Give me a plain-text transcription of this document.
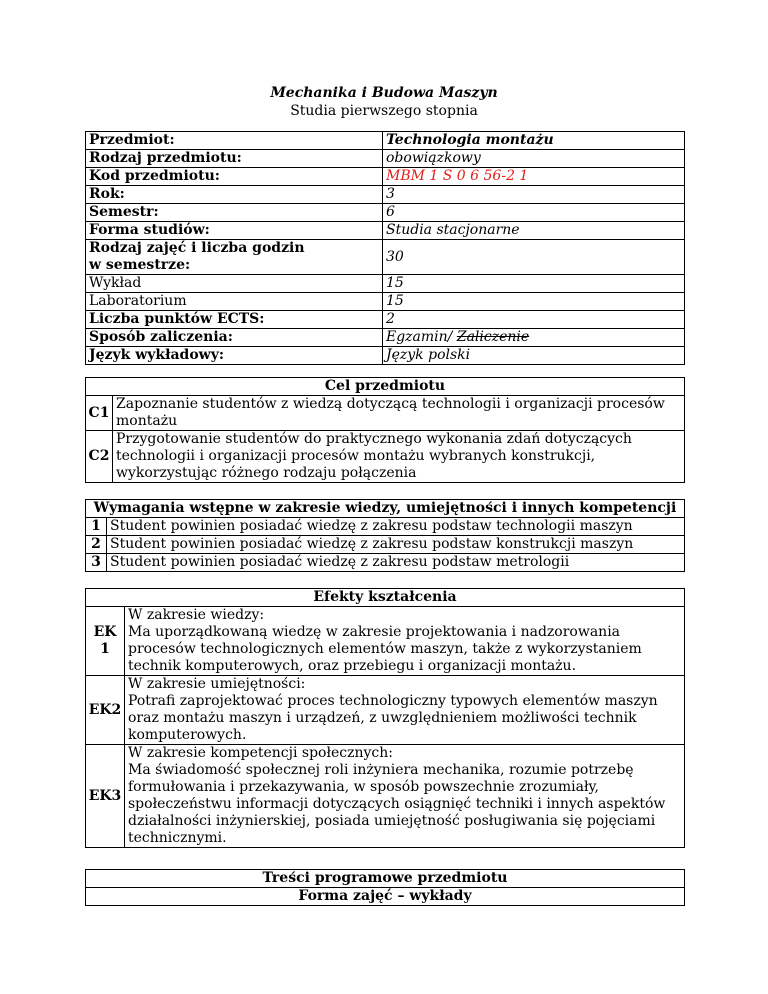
Mechanika i Budowa Maszyn
Studia pierwszego stopnia
Przedmiot:	Technologia montażu
Rodzaj przedmiotu:	obowiązkowy
Kod przedmiotu:	MBM 1 S 0 6 56-2 1
Rok:	3
Semestr:	6
Forma studiów:	Studia stacjonarne

Rodzaj zajęć i liczba godzin
w semestrze:	30
Wykład	15
Laboratorium	15
Liczba punktów ECTS:	2
Sposób zaliczenia:	Egzamin/ Zaliczenie
Język wykładowy:	Język polski
Cel przedmiotu	
C1	Zapoznanie studentów z wiedzą dotyczącą technologii i organizacji procesów montażu
C2	Przygotowanie studentów do praktycznego wykonania zdań dotyczących technologii i organizacji procesów montażu wybranych konstrukcji, wykorzystując różnego rodzaju połączenia
Wymagania wstępne w zakresie wiedzy, umiejętności i innych kompetencji	
1	Student powinien posiadać wiedzę z zakresu podstaw technologii maszyn
2	Student powinien posiadać wiedzę z zakresu podstaw konstrukcji maszyn
3	Student powinien posiadać wiedzę z zakresu podstaw metrologii
Efekty kształcenia	
EK 1	W zakresie wiedzy:
Ma uporządkowaną wiedzę w zakresie projektowania i nadzorowania procesów technologicznych elementów maszyn, także z wykorzystaniem technik komputerowych, oraz przebiegu i organizacji montażu.

EK2	W zakresie umiejętności:
Potrafi zaprojektować proces technologiczny typowych elementów maszyn oraz montażu maszyn i urządzeń, z uwzględnieniem możliwości technik komputerowych.

EK3	W zakresie kompetencji społecznych:
Ma świadomość społecznej roli inżyniera mechanika, rozumie potrzebę formułowania i przekazywania, w sposób powszechnie zrozumiały, społeczeństwu informacji dotyczących osiągnięć techniki i innych aspektów działalności inżynierskiej, posiada umiejętność posługiwania się pojęciami technicznymi.
Treści programowe przedmiotu
Forma zajęć – wykłady
